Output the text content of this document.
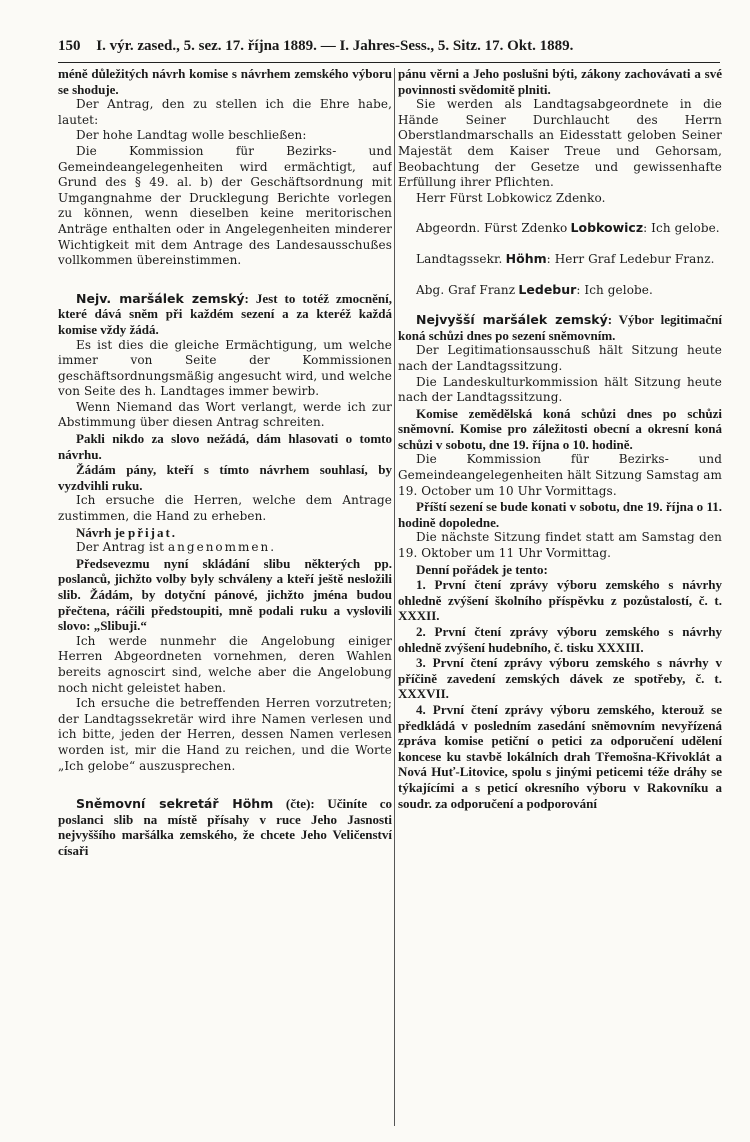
150 I. výr. zased., 5. sez. 17. října 1889. — I. Jahres-Sess., 5. Sitz. 17. Okt. 1889.

méně důležitých návrh komise s návrhem zemského výboru se shoduje.

Der Antrag, den zu stellen ich die Ehre habe, lautet:

Der hohe Landtag wolle beschließen:

Die Kommission für Bezirks- und Gemeindeangelegenheiten wird ermächtigt, auf Grund des § 49. al. b) der Geschäftsordnung mit Umgangnahme der Drucklegung Berichte vorlegen zu können, wenn dieselben keine meritorischen Anträge enthalten oder in Angelegenheiten minderer Wichtigkeit mit dem Antrage des Landesausschußes vollkommen übereinstimmen.

Nejv. maršálek zemský: Jest to totéž zmocnění, které dává sněm při každém sezení a za kteréž každá komise vždy žádá.

Es ist dies die gleiche Ermächtigung, um welche immer von Seite der Kommissionen geschäftsordnungsmäßig angesucht wird, und welche von Seite des h. Landtages immer bewirb.

Wenn Niemand das Wort verlangt, werde ich zur Abstimmung über diesen Antrag schreiten.

Pakli nikdo za slovo nežádá, dám hlasovati o tomto návrhu.

Žádám pány, kteří s tímto návrhem souhlasí, by vyzdvihli ruku.

Ich ersuche die Herren, welche dem Antrage zustimmen, die Hand zu erheben.

Návrh je přijat.

Der Antrag ist angenommen.

Předsevezmu nyní skládání slibu některých pp. poslanců, jichžto volby byly schváleny a kteří ještě nesložili slib. Žádám, by dotyční pánové, jichžto jména budou přečtena, ráčili předstoupiti, mně podali ruku a vyslovili slovo: „Slibuji.“

Ich werde nunmehr die Angelobung einiger Herren Abgeordneten vornehmen, deren Wahlen bereits agnoscirt sind, welche aber die Angelobung noch nicht geleistet haben.

Ich ersuche die betreffenden Herren vorzutreten; der Landtagssekretär wird ihre Namen verlesen und ich bitte, jeden der Herren, dessen Namen verlesen worden ist, mir die Hand zu reichen, und die Worte „Ich gelobe“ auszusprechen.

Sněmovní sekretář Höhm (čte): Učiníte co poslanci slib na místě přísahy v ruce Jeho Jasnosti nejvyššího maršálka zemského, že chcete Jeho Veličenství císaři

pánu věrni a Jeho poslušni býti, zákony zachovávati a své povinnosti svědomitě plniti.

Sie werden als Landtagsabgeordnete in die Hände Seiner Durchlaucht des Herrn Oberstlandmarschalls an Eidesstatt geloben Seiner Majestät dem Kaiser Treue und Gehorsam, Beobachtung der Gesetze und gewissenhafte Erfüllung ihrer Pflichten.

Herr Fürst Lobkowicz Zdenko.

Abgeordn. Fürst Zdenko Lobkowicz: Ich gelobe.

Landtagssekr. Höhm: Herr Graf Ledebur Franz.

Abg. Graf Franz Ledebur: Ich gelobe.

Nejvyšší maršálek zemský: Výbor legitimační koná schůzi dnes po sezení sněmovním.

Der Legitimationsausschuß hält Sitzung heute nach der Landtagssitzung.

Die Landeskulturkommission hält Sitzung heute nach der Landtagssitzung.

Komise zemědělská koná schůzi dnes po schůzi sněmovní. Komise pro záležitosti obecní a okresní koná schůzi v sobotu, dne 19. října o 10. hodině.

Die Kommission für Bezirks- und Gemeindeangelegenheiten hält Sitzung Samstag am 19. October um 10 Uhr Vormittags.

Příští sezení se bude konati v sobotu, dne 19. října o 11. hodině dopoledne.

Die nächste Sitzung findet statt am Samstag den 19. Oktober um 11 Uhr Vormittag.

Denní pořádek je tento:

1. První čtení zprávy výboru zemského s návrhy ohledně zvýšení školního příspěvku z pozůstalostí, č. t. XXXII.

2. První čtení zprávy výboru zemského s návrhy ohledně zvýšení hudebního, č. tisku XXXIII.

3. První čtení zprávy výboru zemského s návrhy v příčině zavedení zemských dávek ze spotřeby, č. t. XXXVII.

4. První čtení zprávy výboru zemského, kterouž se předkládá v posledním zasedání sněmovním nevyřízená zpráva komise petiční o petici za odporučení udělení koncese ku stavbě lokálních drah Třemošna-Křivoklát a Nová Huť-Litovice, spolu s jinými peticemi téže dráhy se týkajícími a s peticí okresního výboru v Rakovníku a soudr. za odporučení a podporování
